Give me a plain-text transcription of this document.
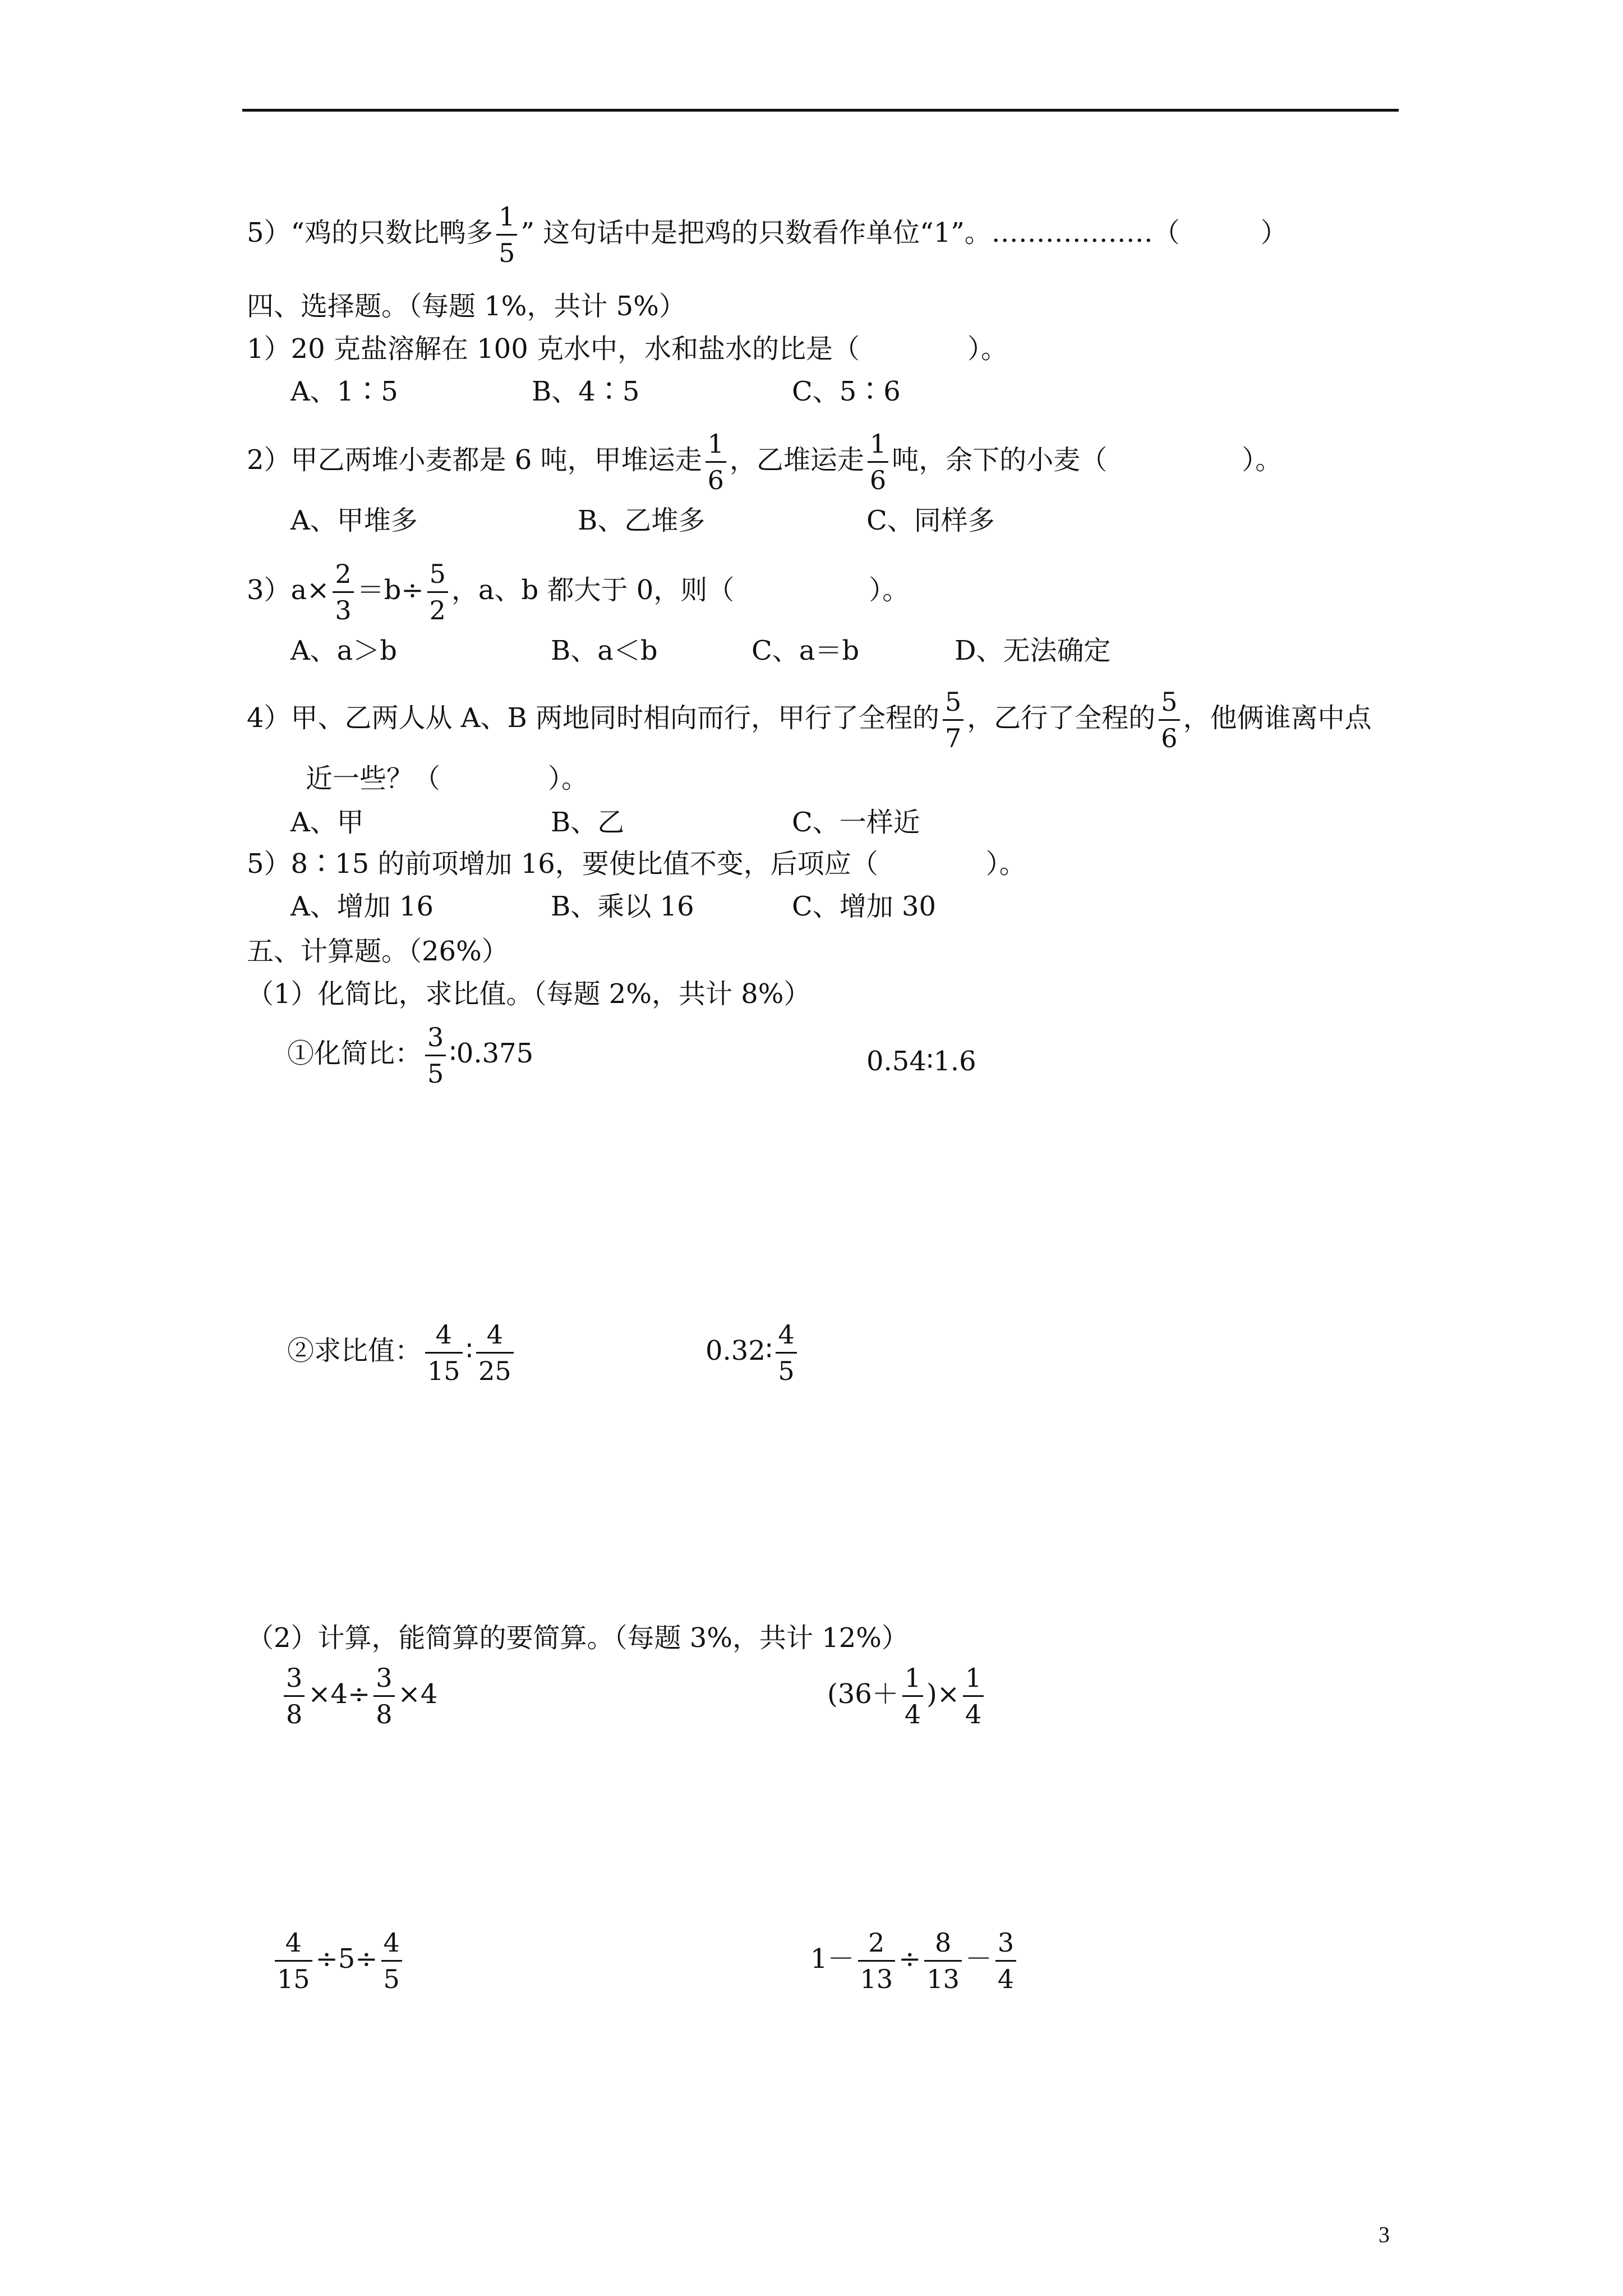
5）“鸡的只数比鸭多 $\frac{1}{5}$ ” 这句话中是把鸡的只数看作单位“1”。………………（　　　）
四、选择题。（每题 1%，共计 5%）
1）20 克盐溶解在 100 克水中，水和盐水的比是（　　　　）。
A、1∶5	B、4∶5	C、5∶6
2）甲乙两堆小麦都是 6 吨，甲堆运走 $\frac{1}{6}$ ，乙堆运走 $\frac{1}{6}$ 吨，余下的小麦（　　　　　）。
A、甲堆多	B、乙堆多	C、同样多
$3)a\times \frac{2}{3} =b\div \frac{5}{2}$ ，a、b 都大于 0，则（　　　　　）。
A、a＞b	B、a＜b	C、a＝b	D、无法确定
4）甲、乙两人从 A、B 两地同时相向而行，甲行了全程的 $\frac{5}{7}$ ，乙行了全程的 $\frac{5}{6}$ ，他俩谁离中点
近一些？（　　　　）。
A、甲	B、乙	C、一样近
5）8∶15 的前项增加 16，要使比值不变，后项应（　　　　）。
A、增加 16	B、乘以 16	C、增加 30
五、计算题。（26%）
（1）化简比，求比值。（每题 2%，共计 8%）
①化简比： $\frac{3}{5}$ ∶0.375	0.54∶1.6
②求比值： $\frac{4}{15}$ ∶ $\frac{4}{25}$	0.32∶ $\frac{4}{5}$
（2）计算，能简算的要简算。（每题 3%，共计 12%）
$\frac{3}{8} \times 4\div \frac{3}{8} \times 4$	($36+ \frac{1}{4}$ )× $\frac{1}{4}$
$\frac{4}{15} \div 5\div \frac{4}{5}$	$1- \frac{2}{13} \div \frac{8}{13} - \frac{3}{4}$
3
